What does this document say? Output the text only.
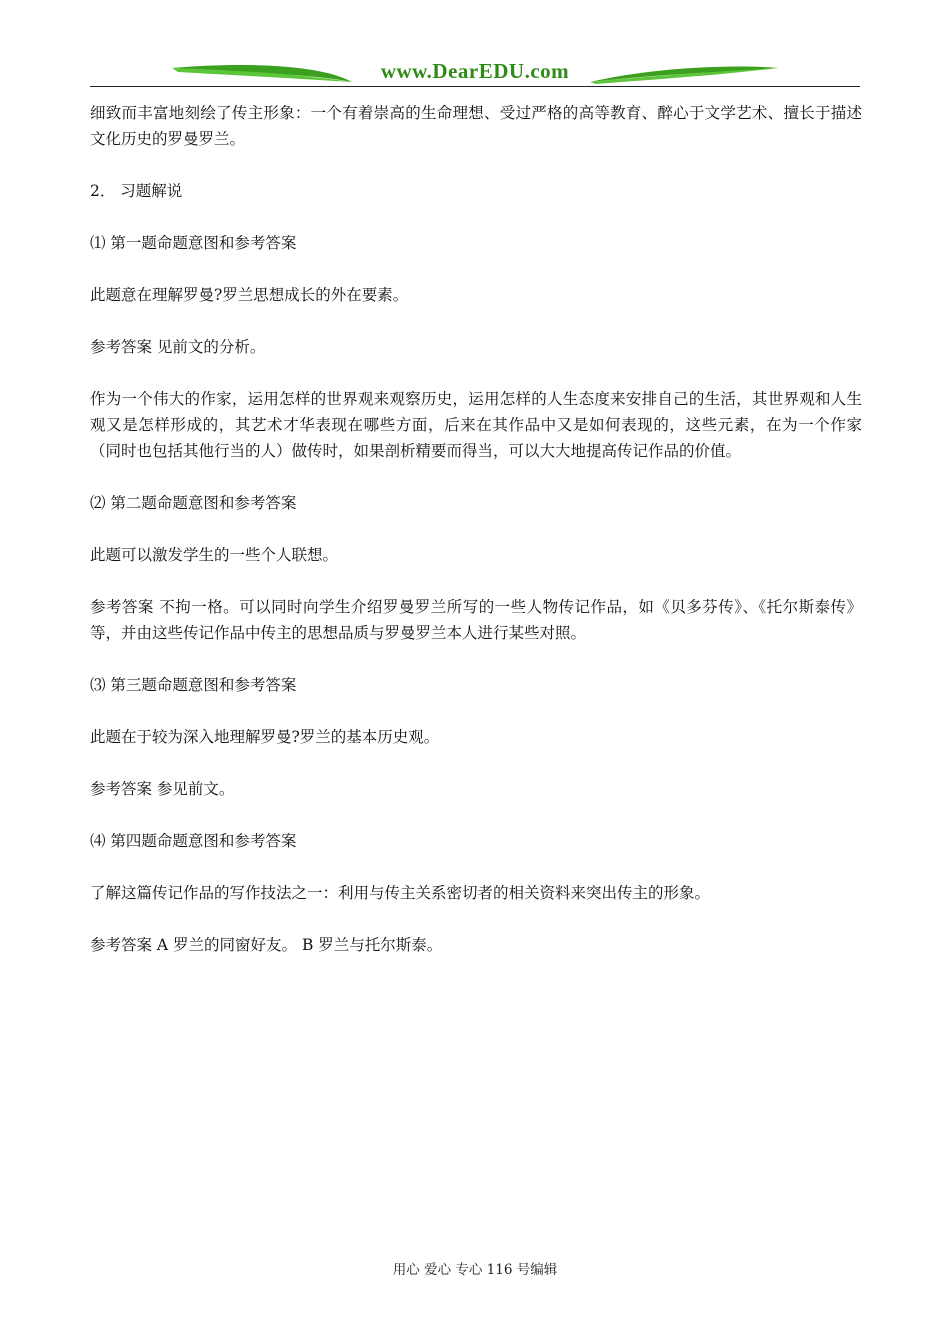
www.DearEDU.com

细致而丰富地刻绘了传主形象：一个有着崇高的生命理想、受过严格的高等教育、醉心于文学艺术、擅长于描述文化历史的罗曼罗兰。

2． 习题解说

⑴ 第一题命题意图和参考答案

此题意在理解罗曼?罗兰思想成长的外在要素。

参考答案 见前文的分析。

作为一个伟大的作家，运用怎样的世界观来观察历史，运用怎样的人生态度来安排自己的生活，其世界观和人生观又是怎样形成的，其艺术才华表现在哪些方面，后来在其作品中又是如何表现的，这些元素，在为一个作家（同时也包括其他行当的人）做传时，如果剖析精要而得当，可以大大地提高传记作品的价值。

⑵ 第二题命题意图和参考答案

此题可以激发学生的一些个人联想。

参考答案 不拘一格。可以同时向学生介绍罗曼罗兰所写的一些人物传记作品，如《贝多芬传》、《托尔斯泰传》等，并由这些传记作品中传主的思想品质与罗曼罗兰本人进行某些对照。

⑶ 第三题命题意图和参考答案

此题在于较为深入地理解罗曼?罗兰的基本历史观。

参考答案 参见前文。

⑷ 第四题命题意图和参考答案

了解这篇传记作品的写作技法之一：利用与传主关系密切者的相关资料来突出传主的形象。

参考答案 A 罗兰的同窗好友。 B 罗兰与托尔斯泰。

用心 爱心 专心 116 号编辑
